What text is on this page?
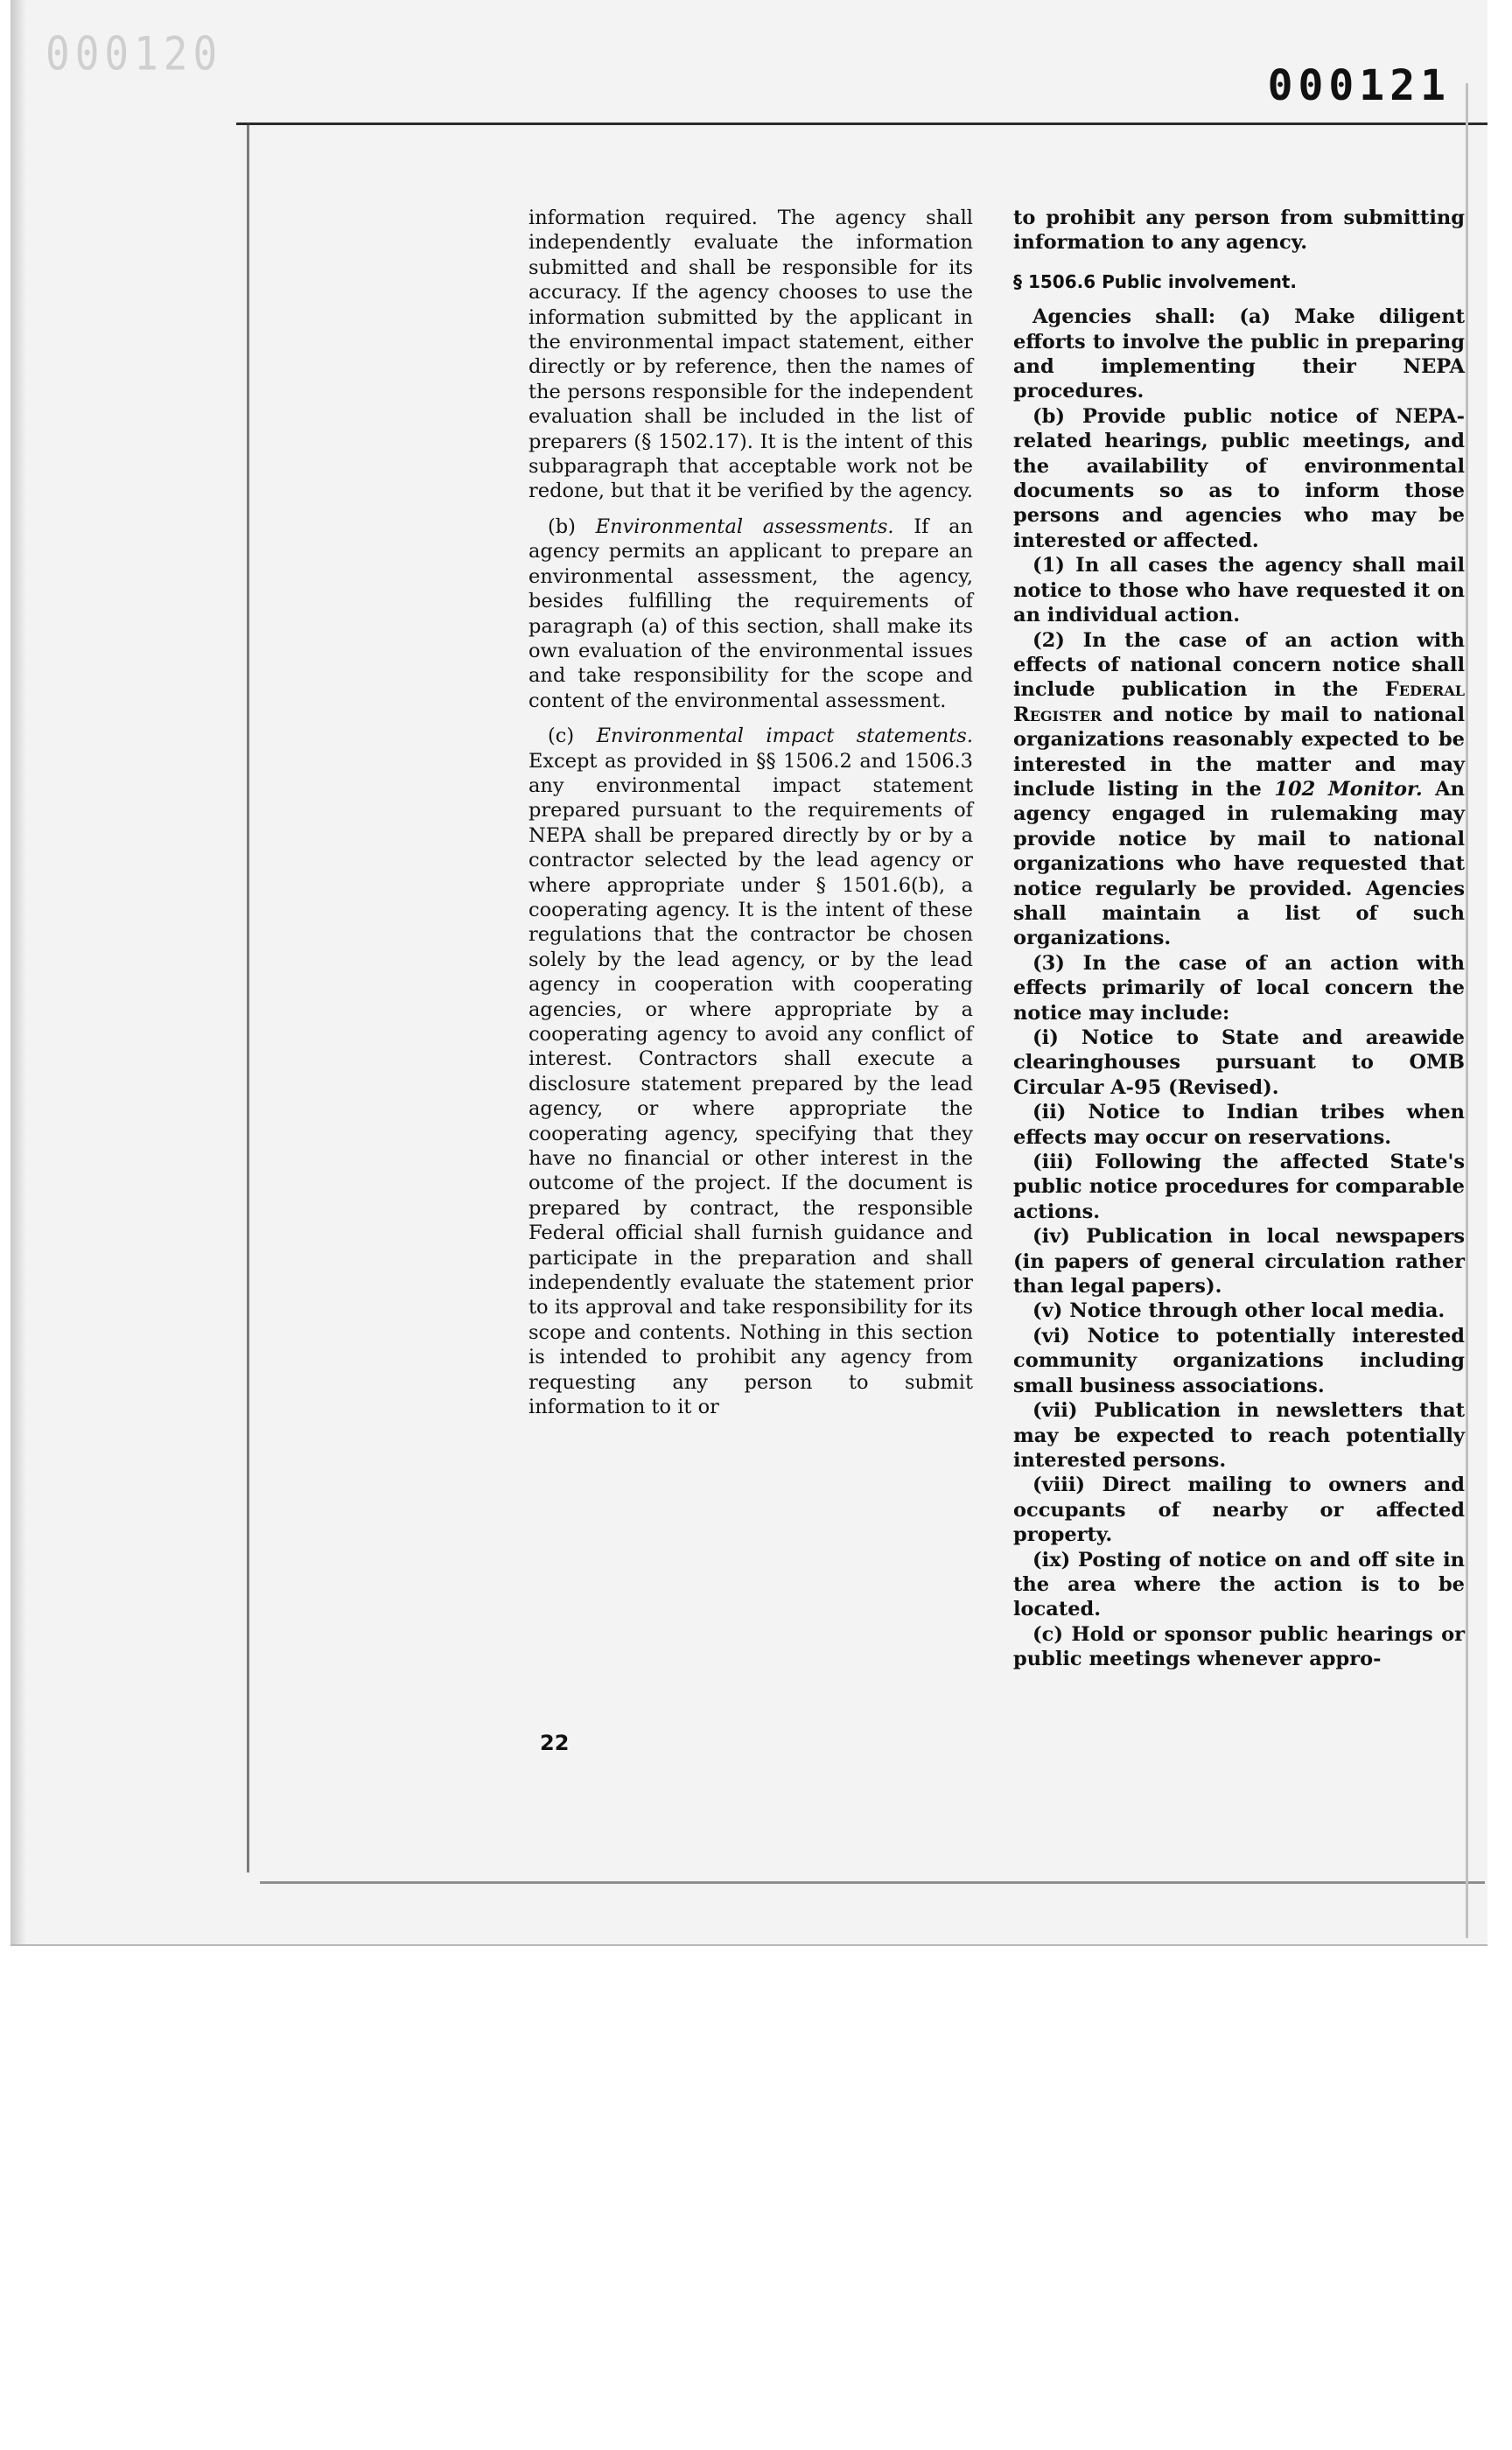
000120
000121

information required. The agency shall independently evaluate the information submitted and shall be responsible for its accuracy. If the agency chooses to use the information submitted by the applicant in the environmental impact statement, either directly or by reference, then the names of the persons responsible for the independent evaluation shall be included in the list of preparers (§ 1502.17). It is the intent of this subparagraph that acceptable work not be redone, but that it be verified by the agency.

(b) Environmental assessments. If an agency permits an applicant to prepare an environmental assessment, the agency, besides fulfilling the requirements of paragraph (a) of this section, shall make its own evaluation of the environmental issues and take responsibility for the scope and content of the environmental assessment.

(c) Environmental impact statements. Except as provided in §§ 1506.2 and 1506.3 any environmental impact statement prepared pursuant to the requirements of NEPA shall be prepared directly by or by a contractor selected by the lead agency or where appropriate under § 1501.6(b), a cooperating agency. It is the intent of these regulations that the contractor be chosen solely by the lead agency, or by the lead agency in cooperation with cooperating agencies, or where appropriate by a cooperating agency to avoid any conflict of interest. Contractors shall execute a disclosure statement prepared by the lead agency, or where appropriate the cooperating agency, specifying that they have no financial or other interest in the outcome of the project. If the document is prepared by contract, the responsible Federal official shall furnish guidance and participate in the preparation and shall independently evaluate the statement prior to its approval and take responsibility for its scope and contents. Nothing in this section is intended to prohibit any agency from requesting any person to submit information to it or

to prohibit any person from submitting information to any agency.

§ 1506.6 Public involvement.

Agencies shall: (a) Make diligent efforts to involve the public in preparing and implementing their NEPA procedures.

(b) Provide public notice of NEPA-related hearings, public meetings, and the availability of environmental documents so as to inform those persons and agencies who may be interested or affected.

(1) In all cases the agency shall mail notice to those who have requested it on an individual action.

(2) In the case of an action with effects of national concern notice shall include publication in the Federal Register and notice by mail to national organizations reasonably expected to be interested in the matter and may include listing in the 102 Monitor. An agency engaged in rulemaking may provide notice by mail to national organizations who have requested that notice regularly be provided. Agencies shall maintain a list of such organizations.

(3) In the case of an action with effects primarily of local concern the notice may include:

(i) Notice to State and areawide clearinghouses pursuant to OMB Circular A-95 (Revised).

(ii) Notice to Indian tribes when effects may occur on reservations.

(iii) Following the affected State's public notice procedures for comparable actions.

(iv) Publication in local newspapers (in papers of general circulation rather than legal papers).

(v) Notice through other local media.

(vi) Notice to potentially interested community organizations including small business associations.

(vii) Publication in newsletters that may be expected to reach potentially interested persons.

(viii) Direct mailing to owners and occupants of nearby or affected property.

(ix) Posting of notice on and off site in the area where the action is to be located.

(c) Hold or sponsor public hearings or public meetings whenever appro-

22
